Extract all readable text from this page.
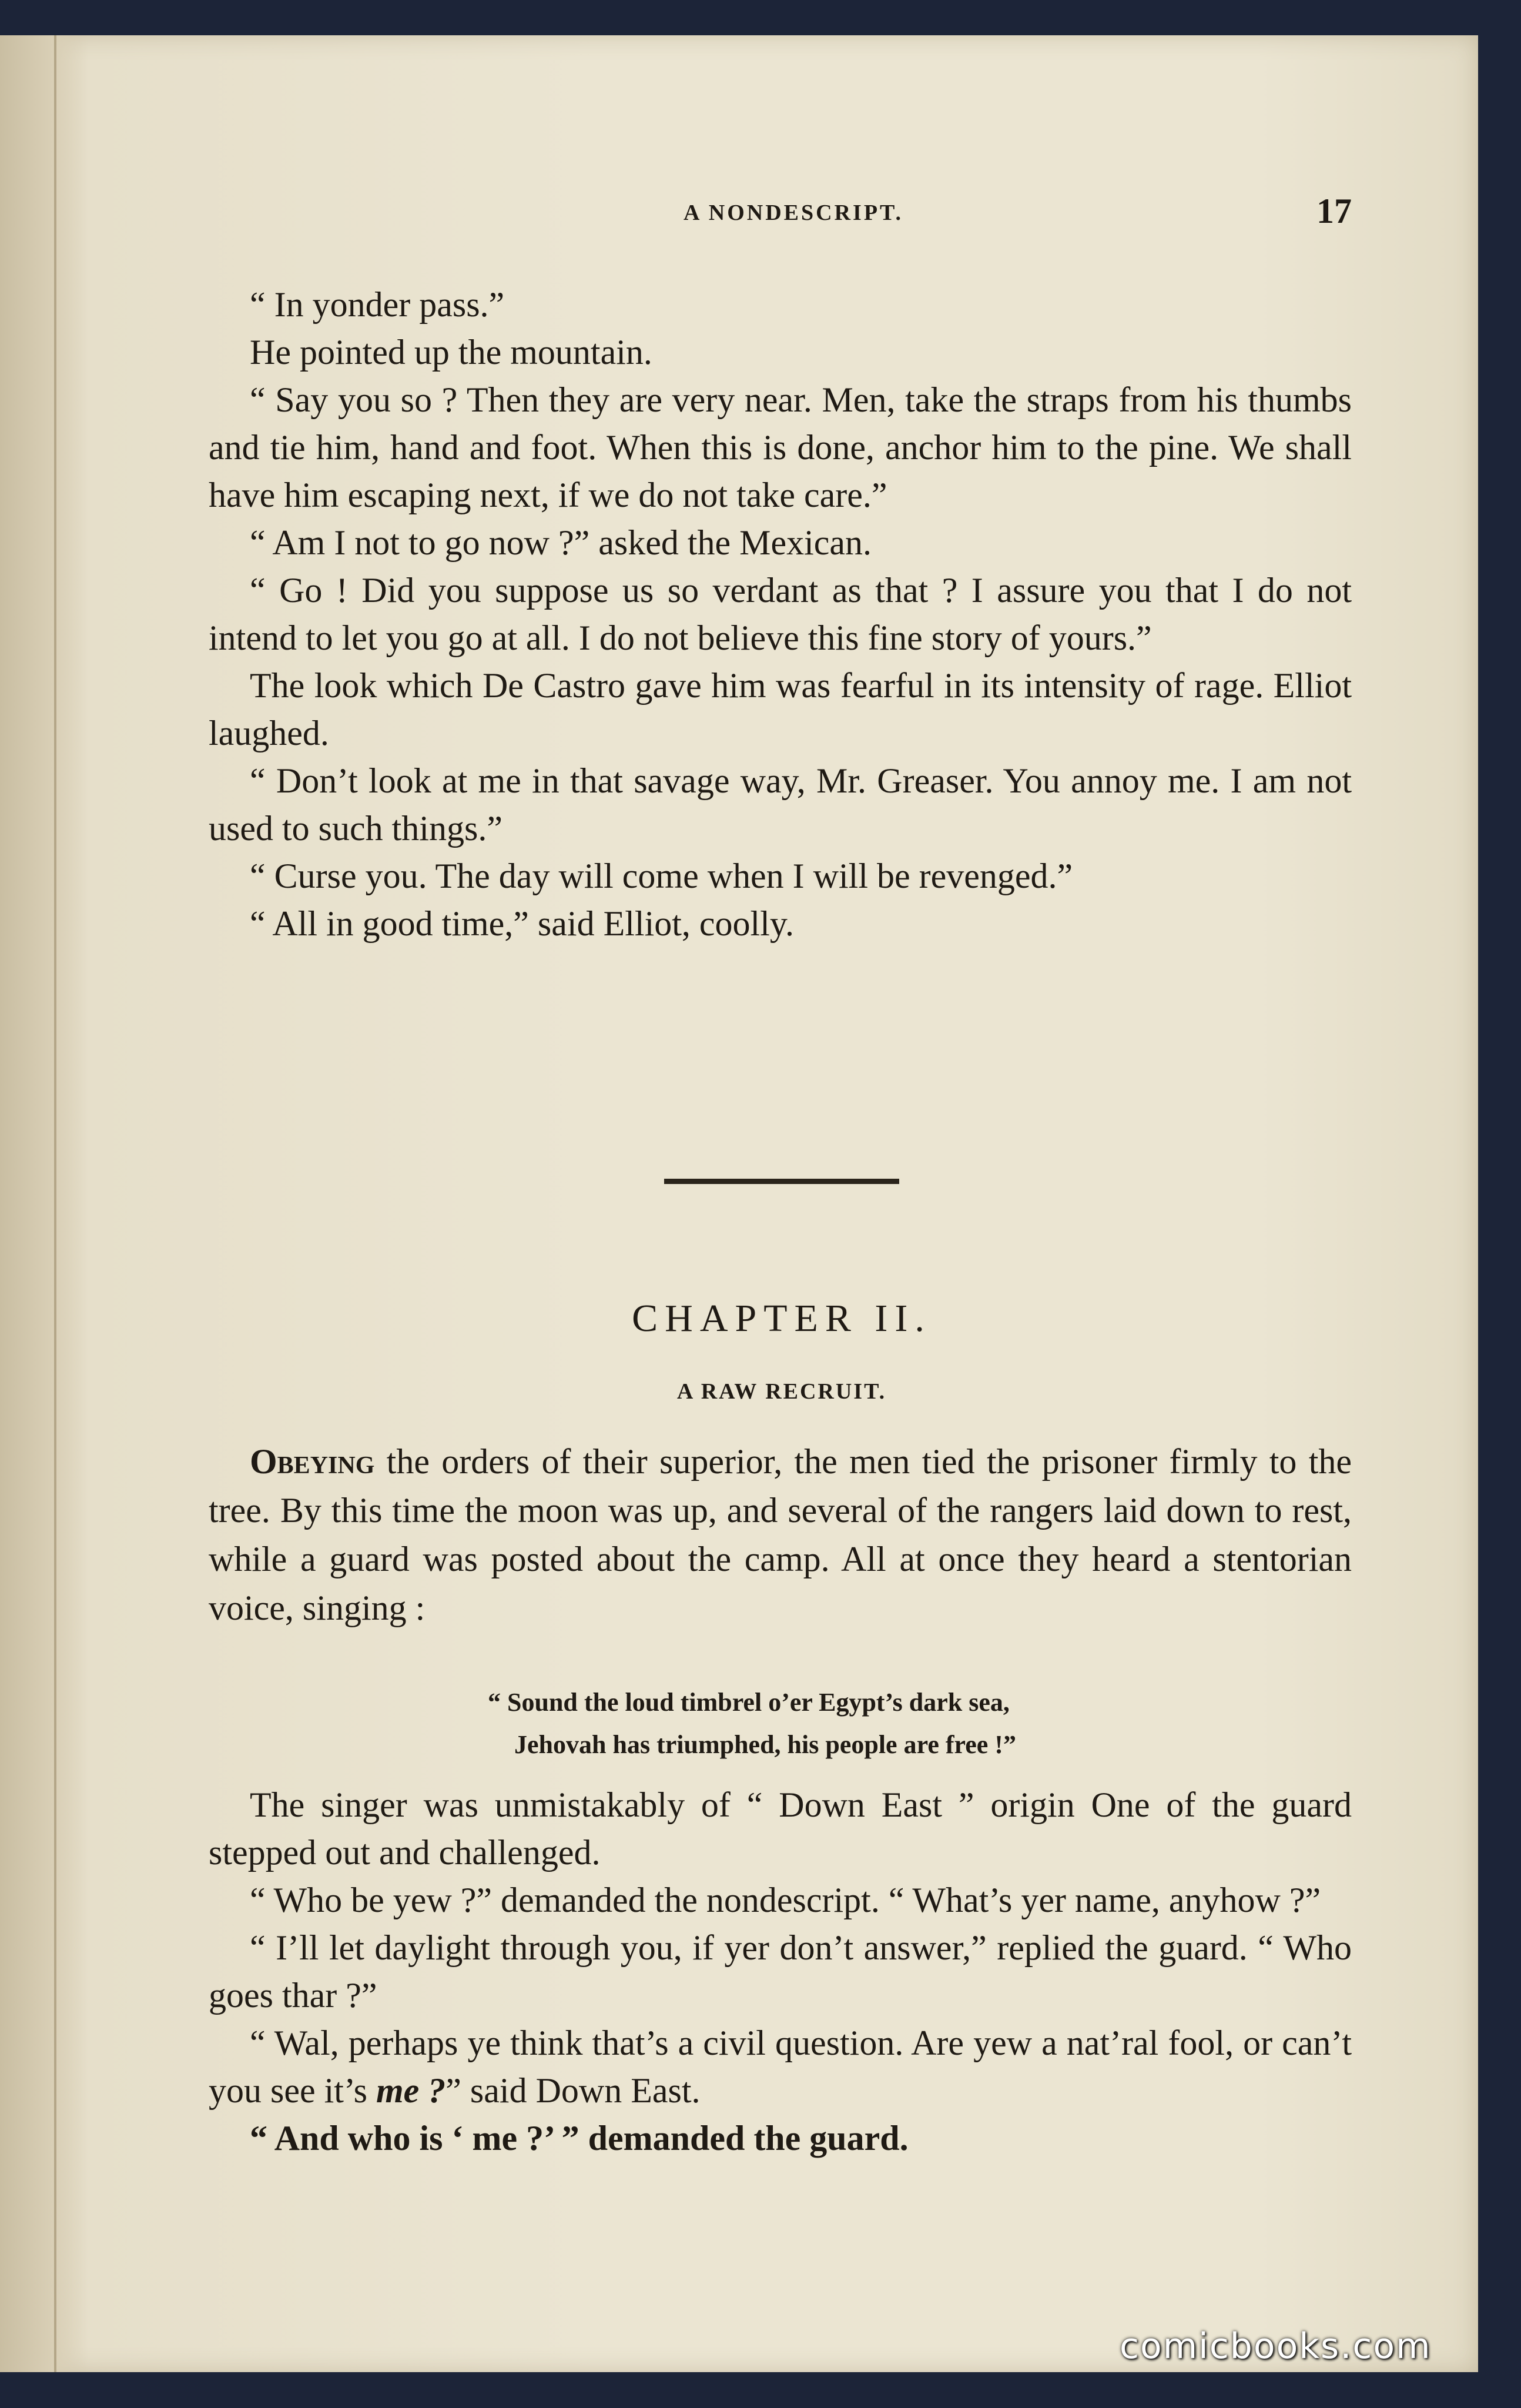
A NONDESCRIPT.	17

“ In yonder pass.”

He pointed up the mountain.

“ Say you so ? Then they are very near. Men, take the straps from his thumbs and tie him, hand and foot. When this is done, anchor him to the pine. We shall have him escaping next, if we do not take care.”

“ Am I not to go now ?” asked the Mexican.

“ Go ! Did you suppose us so verdant as that ? I assure you that I do not intend to let you go at all. I do not believe this fine story of yours.”

The look which De Castro gave him was fearful in its intensity of rage. Elliot laughed.

“ Don’t look at me in that savage way, Mr. Greaser. You annoy me. I am not used to such things.”

“ Curse you. The day will come when I will be revenged.”

“ All in good time,” said Elliot, coolly.

CHAPTER II.
A RAW RECRUIT.

Obeying the orders of their superior, the men tied the prisoner firmly to the tree. By this time the moon was up, and several of the rangers laid down to rest, while a guard was posted about the camp. All at once they heard a stentorian voice, singing :

“ Sound the loud timbrel o’er Egypt’s dark sea,
Jehovah has triumphed, his people are free !”

The singer was unmistakably of “ Down East ” origin One of the guard stepped out and challenged.

“ Who be yew ?” demanded the nondescript. “ What’s yer name, anyhow ?”

“ I’ll let daylight through you, if yer don’t answer,” replied the guard. “ Who goes thar ?”

“ Wal, perhaps ye think that’s a civil question. Are yew a nat’ral fool, or can’t you see it’s me ?” said Down East.

“ And who is ‘ me ?’ ” demanded the guard.

comicbooks.com
